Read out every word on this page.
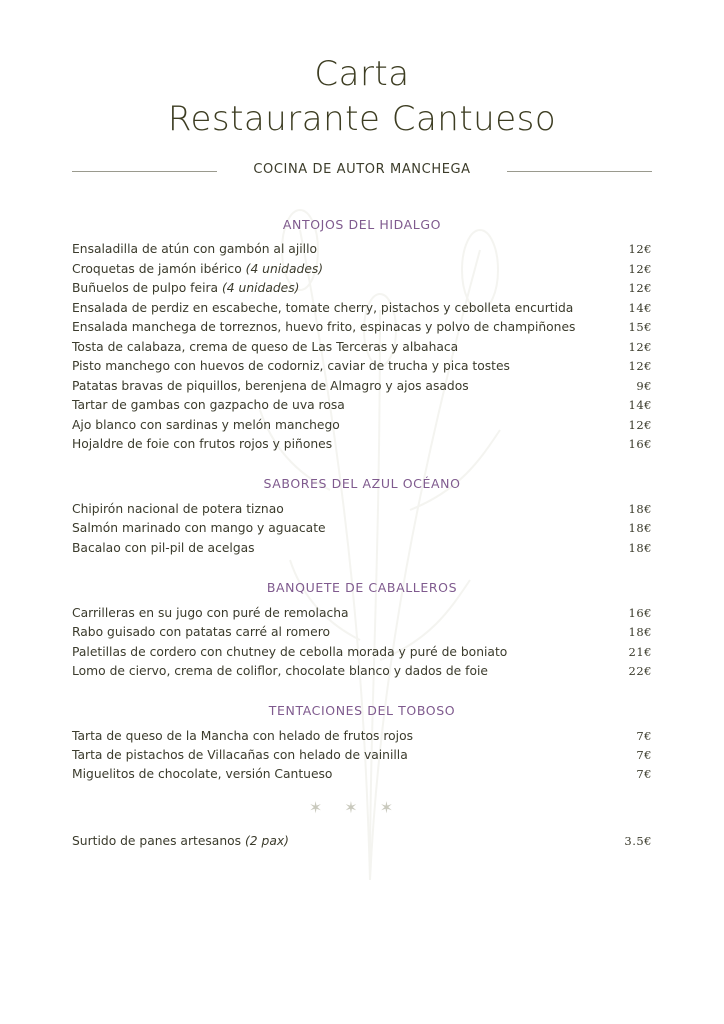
Carta
Restaurante Cantueso
COCINA DE AUTOR MANCHEGA
ANTOJOS DEL HIDALGO
Ensaladilla de atún con gambón al ajillo	12€
Croquetas de jamón ibérico (4 unidades)	12€
Buñuelos de pulpo feira (4 unidades)	12€
Ensalada de perdiz en escabeche, tomate cherry, pistachos y cebolleta encurtida	14€
Ensalada manchega de torreznos, huevo frito, espinacas y polvo de champiñones	15€
Tosta de calabaza, crema de queso de Las Terceras y albahaca	12€
Pisto manchego con huevos de codorniz, caviar de trucha y pica tostes	12€
Patatas bravas de piquillos, berenjena de Almagro y ajos asados	9€
Tartar de gambas con gazpacho de uva rosa	14€
Ajo blanco con sardinas y melón manchego	12€
Hojaldre de foie con frutos rojos y piñones	16€
SABORES DEL AZUL OCÉANO
Chipirón nacional de potera tiznao	18€
Salmón marinado con mango y aguacate	18€
Bacalao con pil-pil de acelgas	18€
BANQUETE DE CABALLEROS
Carrilleras en su jugo con puré de remolacha	16€
Rabo guisado con patatas carré al romero	18€
Paletillas de cordero con chutney de cebolla morada y puré de boniato	21€
Lomo de ciervo, crema de coliflor, chocolate blanco y dados de foie	22€
TENTACIONES DEL TOBOSO
Tarta de queso de la Mancha con helado de frutos rojos	7€
Tarta de pistachos de Villacañas con helado de vainilla	7€
Miguelitos de chocolate, versión Cantueso	7€
✶✶✶
Surtido de panes artesanos (2 pax)	3.5€
